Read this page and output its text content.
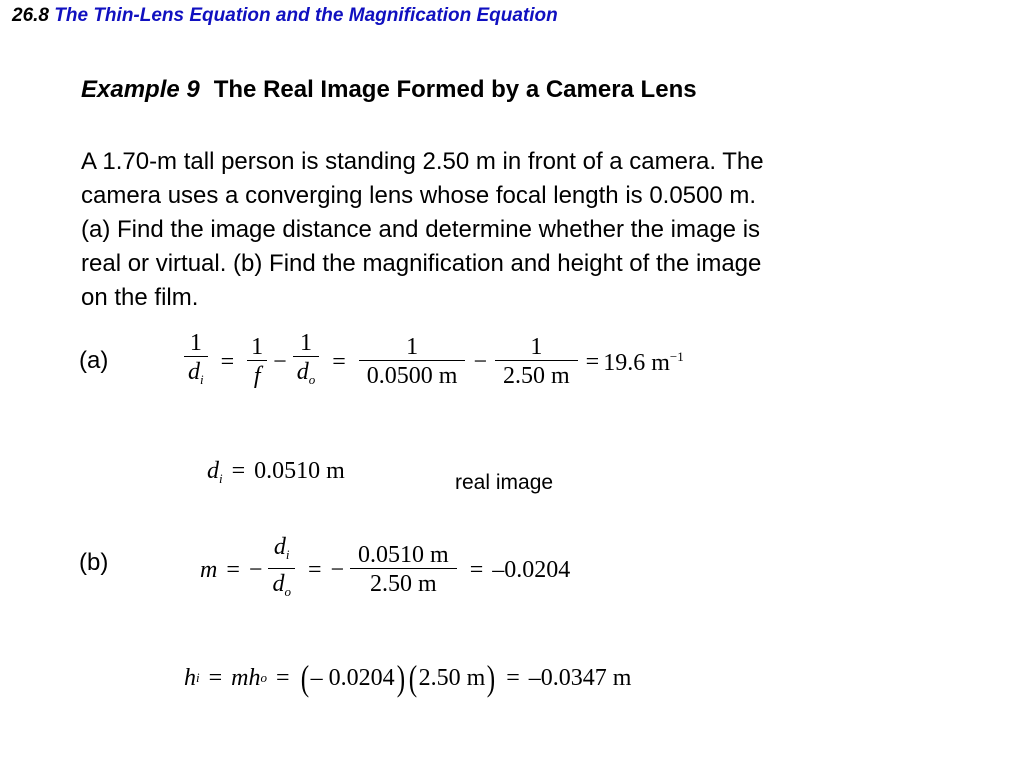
26.8 The Thin-Lens Equation and the Magnification Equation
Example 9 The Real Image Formed by a Camera Lens

A 1.70-m tall person is standing 2.50 m in front of a camera. The

camera uses a converging lens whose focal length is 0.0500 m.

(a) Find the image distance and determine whether the image is

real or virtual. (b) Find the magnification and height of the image

on the film.

(a)	$\frac{1}{d_i} = \frac{1}{f} - \frac{1}{d_o} = \frac{1}{0.0500 m} - \frac{1}{2.50 m} = 19.6$ $m^{-1}$
$d_i = 0.0510$ m	real image
(b)	m = − $\frac{d_i}{d_o}$ = − $\frac{0.0510 m}{2.50 m} = -0.0204$
h i = mh o = ( – 0.0204 ) ( 2.50
m ) = –0.0347
m
